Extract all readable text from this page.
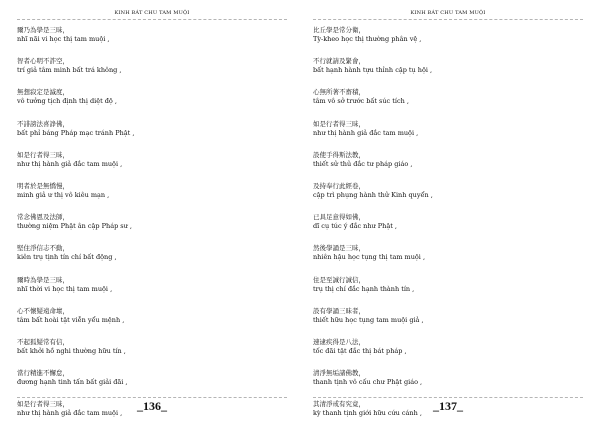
KINH BÁT CHU TAM MUỘI
爾乃為學是三昧，
nhĩ nãi vi học thị tam muội ,
智者心明不詐空，
trí giả tâm minh bất trá không ,
無想寂定是滅度，
vô tưởng tịch định thị diệt độ ,
不誹謗法喜諍佛，
bất phỉ báng Pháp mạc tránh Phật ,
如是行者得三昧，
như thị hành giả đắc tam muội ,
明者於是無憍慢，
minh giả ư thị vô kiêu mạn ,
常念佛恩及法師，
thường niệm Phật ân cập Pháp sư ,
堅住淨信志不動，
kiên trụ tịnh tín chí bất động ,
爾時為學是三昧，
nhĩ thời vi học thị tam muội ,
心不懷疑遠命壞，
tâm bất hoài tật viễn yểu mệnh ,
不起狐疑常有信，
bất khởi hồ nghi thường hữu tín ,
當行精進不懈怠，
đương hạnh tinh tấn bất giải đãi ,
如是行者得三昧，
như thị hành giả đắc tam muội ,
_136_
KINH BÁT CHU TAM MUỘI
比丘學是常分衛，
Tỳ-kheo học thị thường phân vệ ,
不行就請及緊會，
bất hạnh hành tựu thỉnh cập tụ hội ,
心無所著不畜積，
tâm vô sở trước bất súc tích ,
如是行者得三昧，
như thị hành giả đắc tam muội ,
設使手得斯法教，
thiết sử thủ đắc tư pháp giáo ,
及持奉行此經卷，
cập trì phụng hành thử Kinh quyển ,
已具足意得如佛，
dĩ cụ túc ý đắc như Phật ,
然後學誦是三昧，
nhiên hậu học tụng thị tam muội ,
住是至誠行誠信，
trụ thị chí đắc hạnh thành tín ,
設有學誦三昧者，
thiết hữu học tụng tam muội giả ,
速逮疾得是八法，
tốc đãi tật đắc thị bát pháp ,
清淨無垢諸佛教，
thanh tịnh vô cấu chư Phật giáo ,
其清淨戒有究竟，
kỳ thanh tịnh giới hữu cứu cánh ,
_137_
